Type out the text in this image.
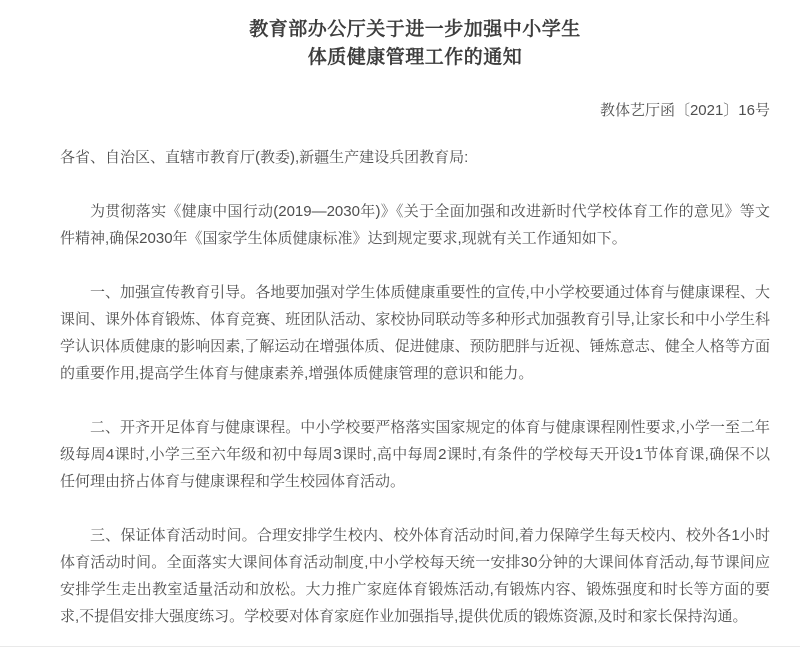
教育部办公厅关于进一步加强中小学生
体质健康管理工作的通知
教体艺厅函〔2021〕16号
各省、自治区、直辖市教育厅(教委),新疆生产建设兵团教育局:

为贯彻落实《健康中国行动(2019—2030年)》《关于全面加强和改进新时代学校体育工作的意见》等文件精神,确保2030年《国家学生体质健康标准》达到规定要求,现就有关工作通知如下。

一、加强宣传教育引导。各地要加强对学生体质健康重要性的宣传,中小学校要通过体育与健康课程、大课间、课外体育锻炼、体育竞赛、班团队活动、家校协同联动等多种形式加强教育引导,让家长和中小学生科学认识体质健康的影响因素,了解运动在增强体质、促进健康、预防肥胖与近视、锤炼意志、健全人格等方面的重要作用,提高学生体育与健康素养,增强体质健康管理的意识和能力。

二、开齐开足体育与健康课程。中小学校要严格落实国家规定的体育与健康课程刚性要求,小学一至二年级每周4课时,小学三至六年级和初中每周3课时,高中每周2课时,有条件的学校每天开设1节体育课,确保不以任何理由挤占体育与健康课程和学生校园体育活动。

三、保证体育活动时间。合理安排学生校内、校外体育活动时间,着力保障学生每天校内、校外各1小时体育活动时间。全面落实大课间体育活动制度,中小学校每天统一安排30分钟的大课间体育活动,每节课间应安排学生走出教室适量活动和放松。大力推广家庭体育锻炼活动,有锻炼内容、锻炼强度和时长等方面的要求,不提倡安排大强度练习。学校要对体育家庭作业加强指导,提供优质的锻炼资源,及时和家长保持沟通。
